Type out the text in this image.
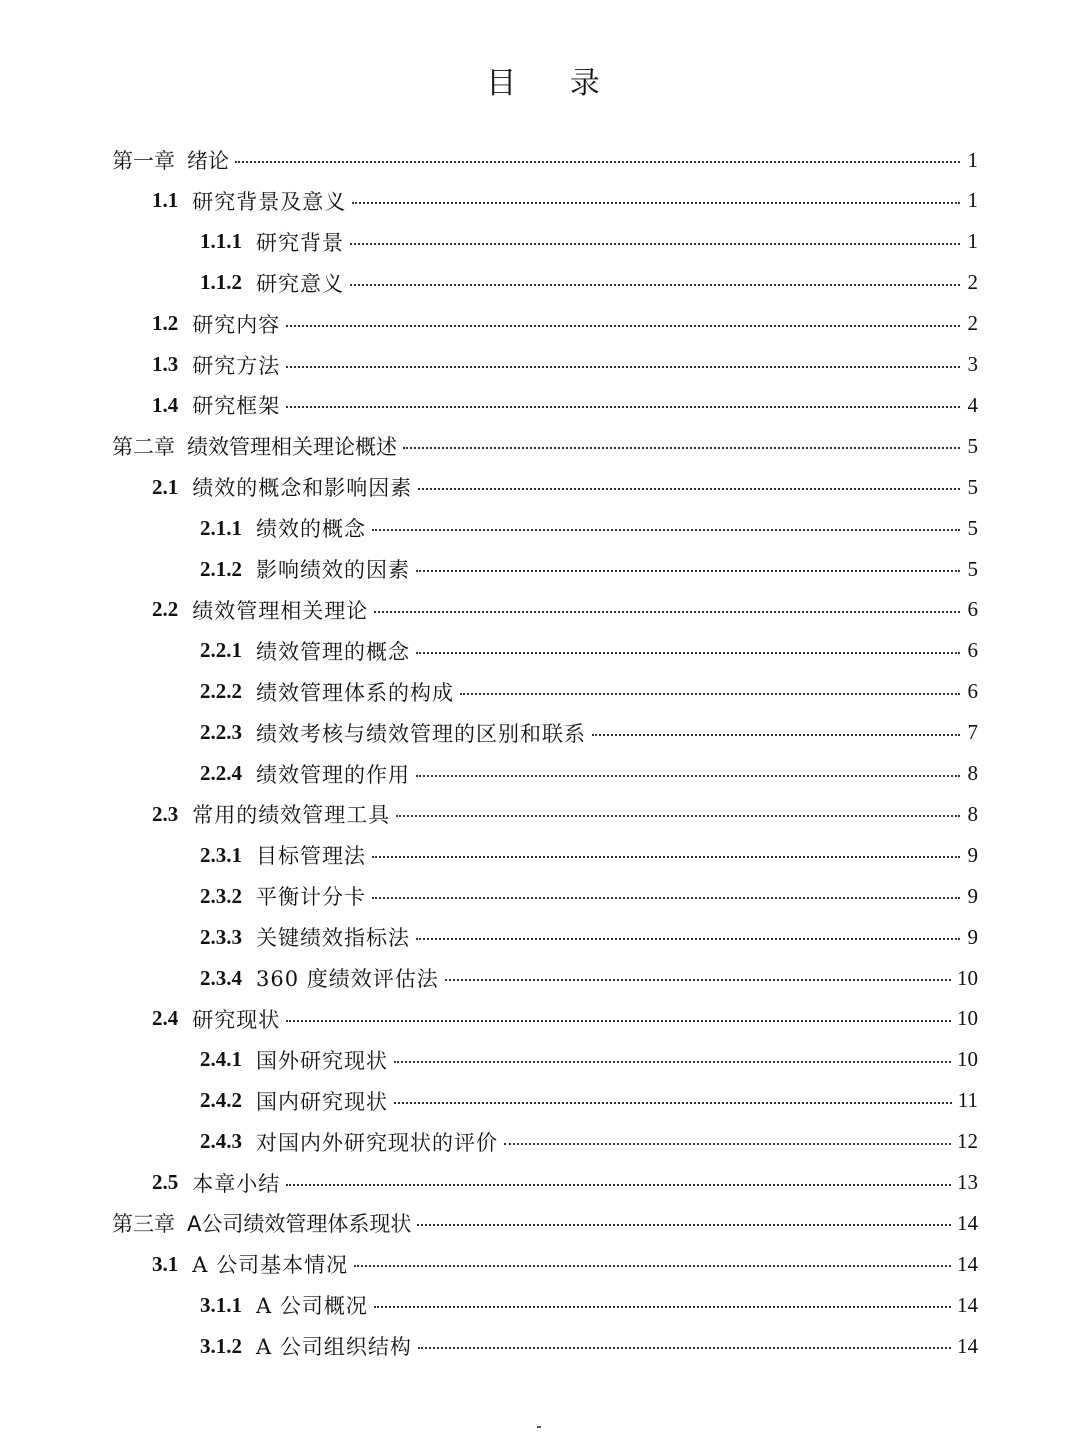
目 录
第一章 绪论	1
1.1 研究背景及意义	1
1.1.1 研究背景	1
1.1.2 研究意义	2
1.2 研究内容	2
1.3 研究方法	3
1.4 研究框架	4
第二章 绩效管理相关理论概述	5
2.1 绩效的概念和影响因素	5
2.1.1 绩效的概念	5
2.1.2 影响绩效的因素	5
2.2 绩效管理相关理论	6
2.2.1 绩效管理的概念	6
2.2.2 绩效管理体系的构成	6
2.2.3 绩效考核与绩效管理的区别和联系	7
2.2.4 绩效管理的作用	8
2.3 常用的绩效管理工具	8
2.3.1 目标管理法	9
2.3.2 平衡计分卡	9
2.3.3 关键绩效指标法	9
2.3.4 360 度绩效评估法	10
2.4 研究现状	10
2.4.1 国外研究现状	10
2.4.2 国内研究现状	11
2.4.3 对国内外研究现状的评价	12
2.5 本章小结	13
第三章 A公司绩效管理体系现状	14
3.1 A 公司基本情况	14
3.1.1 A 公司概况	14
3.1.2 A 公司组织结构	14
